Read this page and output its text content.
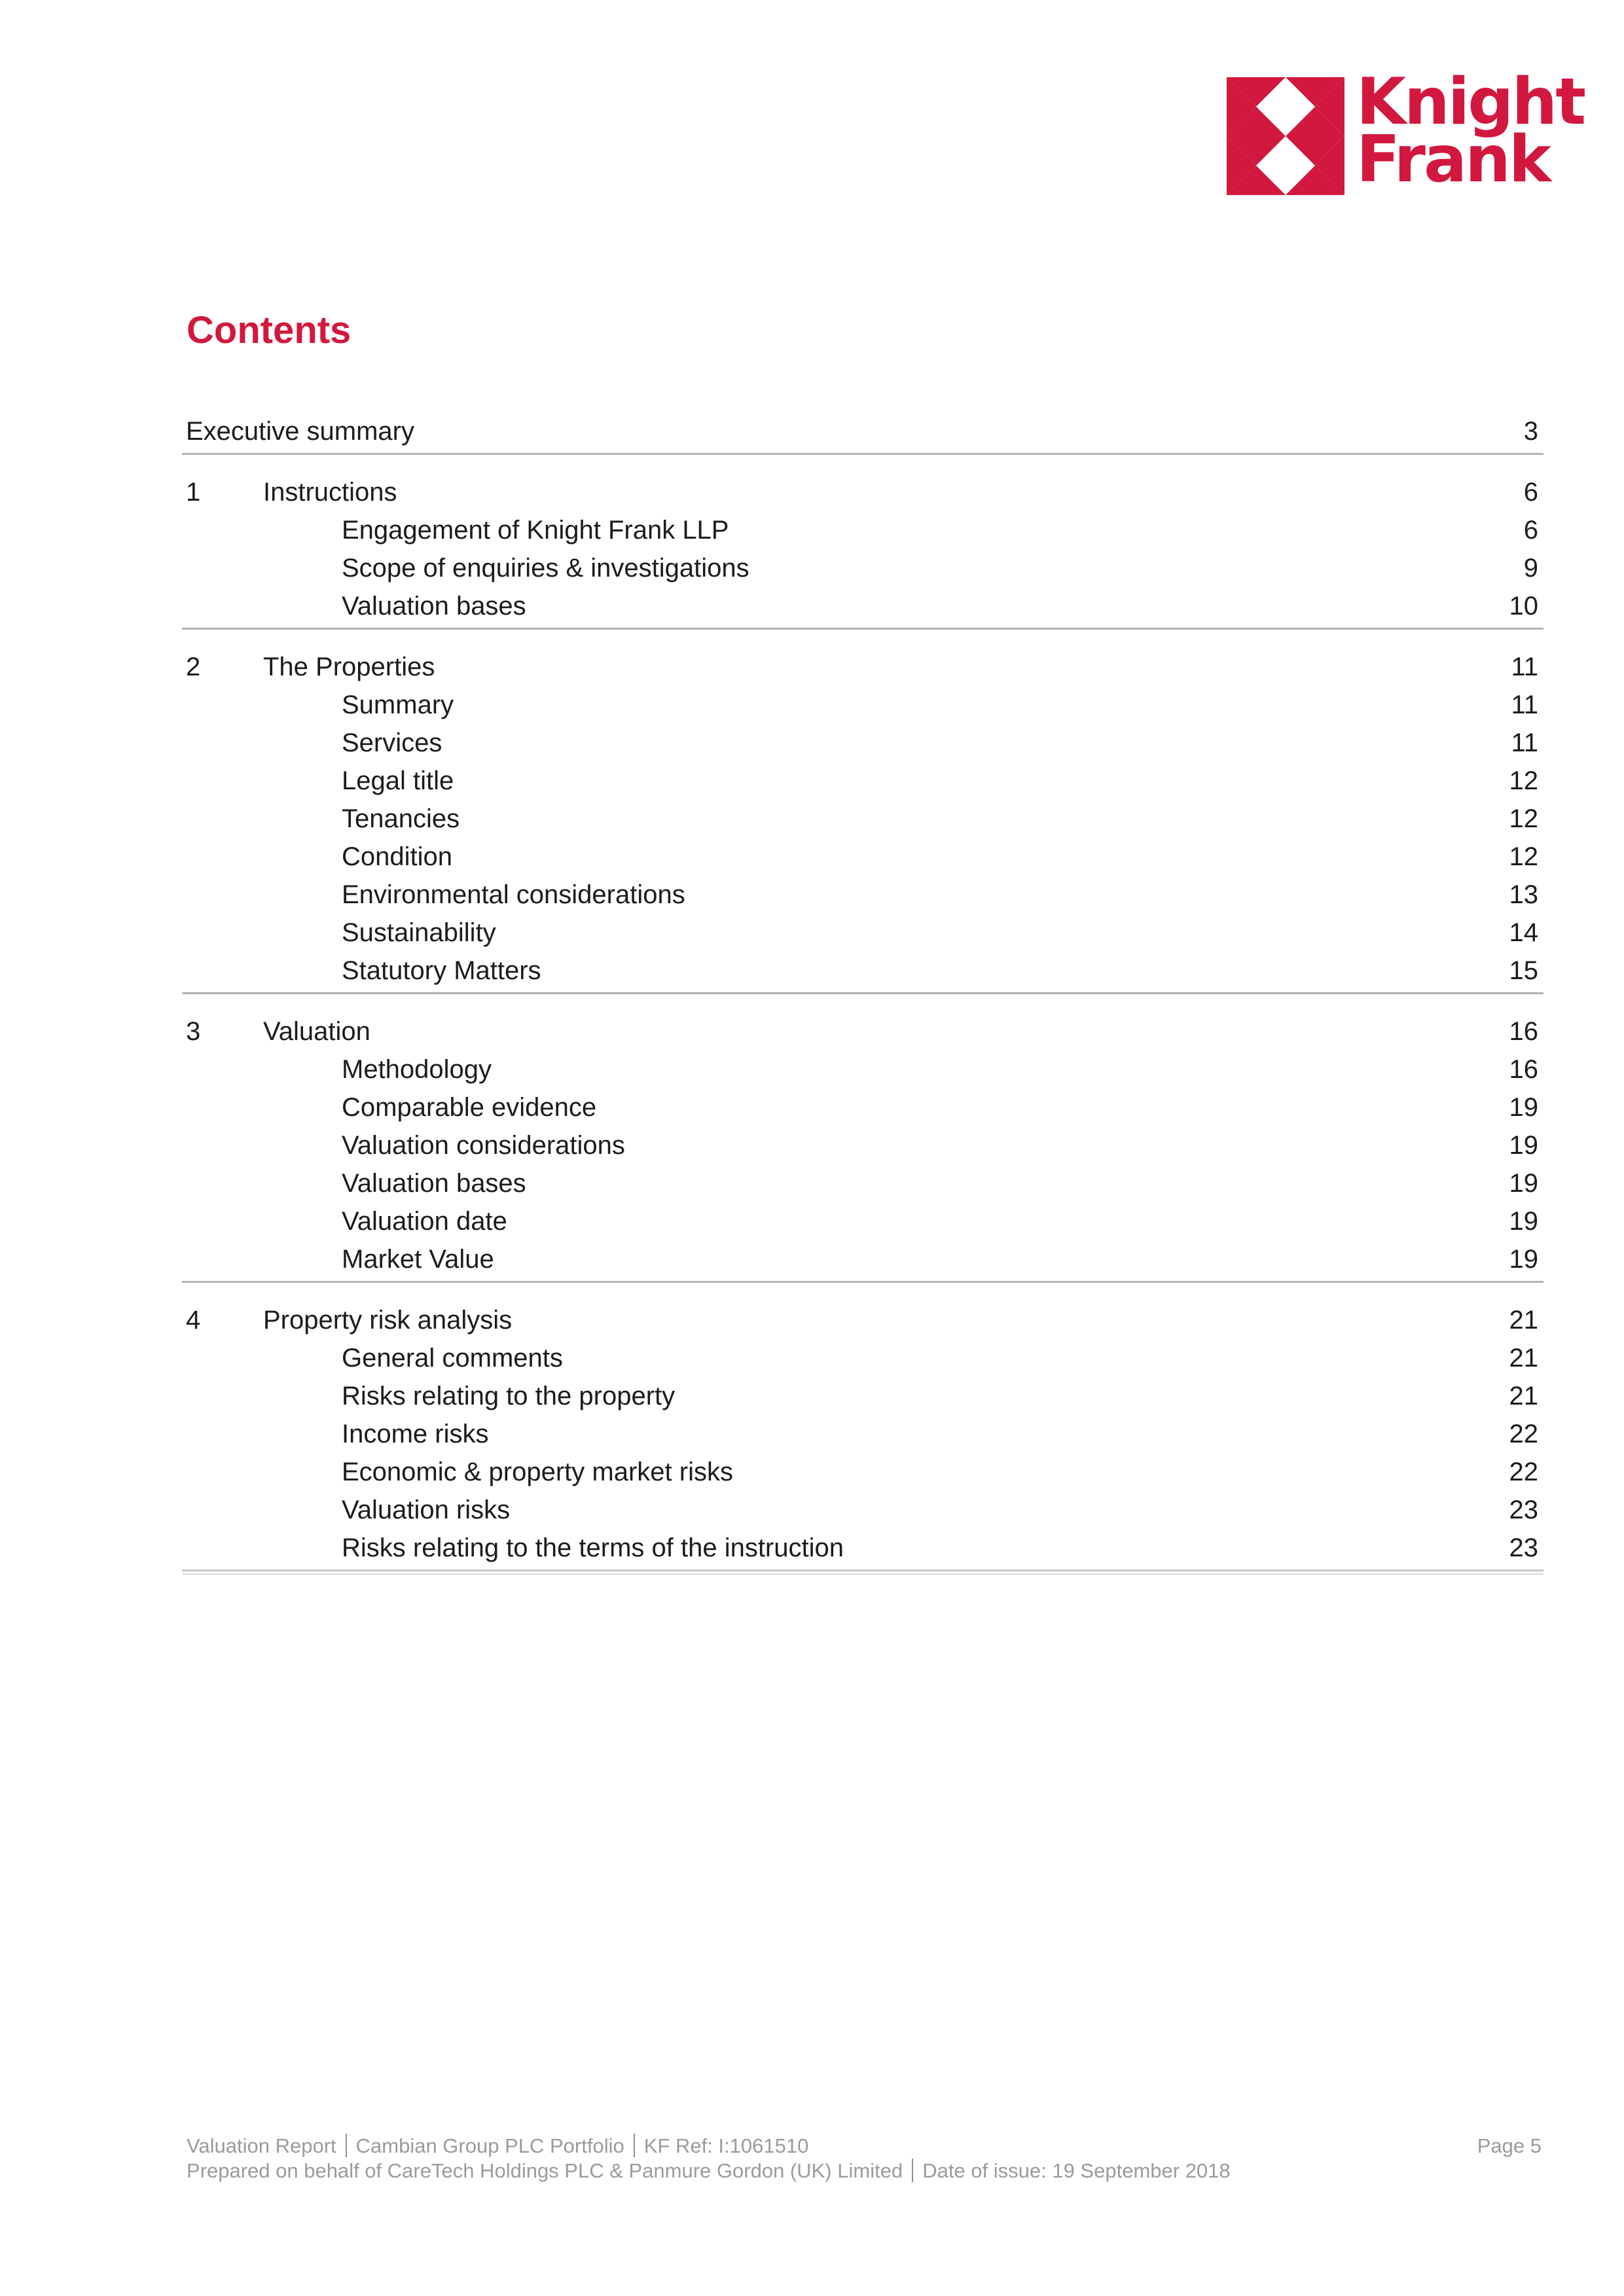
Knight
Frank
Contents
Executive summary	3
1 Instructions	6
Engagement of Knight Frank LLP	6
Scope of enquiries & investigations	9
Valuation bases	10
2 The Properties	11
Summary	11
Services	11
Legal title	12
Tenancies	12
Condition	12
Environmental considerations	13
Sustainability	14
Statutory Matters	15
3 Valuation	16
Methodology	16
Comparable evidence	19
Valuation considerations	19
Valuation bases	19
Valuation date	19
Market Value	19
4 Property risk analysis	21
General comments	21
Risks relating to the property	21
Income risks	22
Economic & property market risks	22
Valuation risks	23
Risks relating to the terms of the instruction	23
Valuation Report Cambian Group PLC Portfolio KF Ref: I:1061510
Prepared on behalf of CareTech Holdings PLC & Panmure Gordon (UK) Limited Date of issue: 19 September 2018
Page 5
